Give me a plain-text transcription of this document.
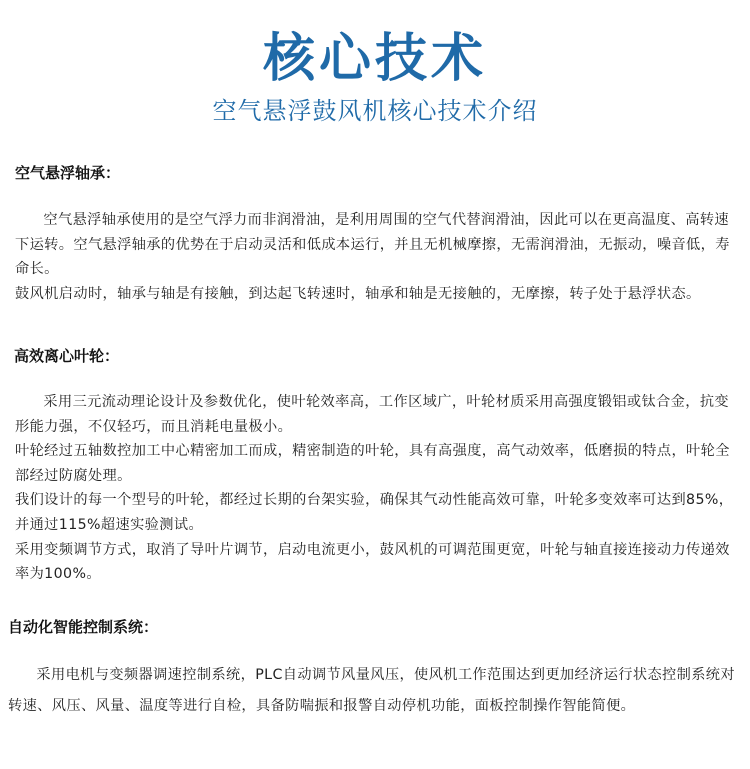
核心技术
空气悬浮鼓风机核心技术介绍
空气悬浮轴承：

空气悬浮轴承使用的是空气浮力而非润滑油，是利用周围的空气代替润滑油，因此可以在更高温度、高转速下运转。空气悬浮轴承的优势在于启动灵活和低成本运行，并且无机械摩擦，无需润滑油，无振动，噪音低，寿命长。

鼓风机启动时，轴承与轴是有接触，到达起飞转速时，轴承和轴是无接触的，无摩擦，转子处于悬浮状态。

高效离心叶轮：

采用三元流动理论设计及参数优化，使叶轮效率高，工作区域广，叶轮材质采用高强度锻铝或钛合金，抗变形能力强，不仅轻巧，而且消耗电量极小。

叶轮经过五轴数控加工中心精密加工而成，精密制造的叶轮，具有高强度，高气动效率，低磨损的特点，叶轮全部经过防腐处理。

我们设计的每一个型号的叶轮，都经过长期的台架实验，确保其气动性能高效可靠，叶轮多变效率可达到85%，并通过115%超速实验测试。

采用变频调节方式，取消了导叶片调节，启动电流更小，鼓风机的可调范围更宽，叶轮与轴直接连接动力传递效率为100%。

自动化智能控制系统：

采用电机与变频器调速控制系统，PLC自动调节风量风压，使风机工作范围达到更加经济运行状态控制系统对转速、风压、风量、温度等进行自检，具备防喘振和报警自动停机功能，面板控制操作智能简便。
